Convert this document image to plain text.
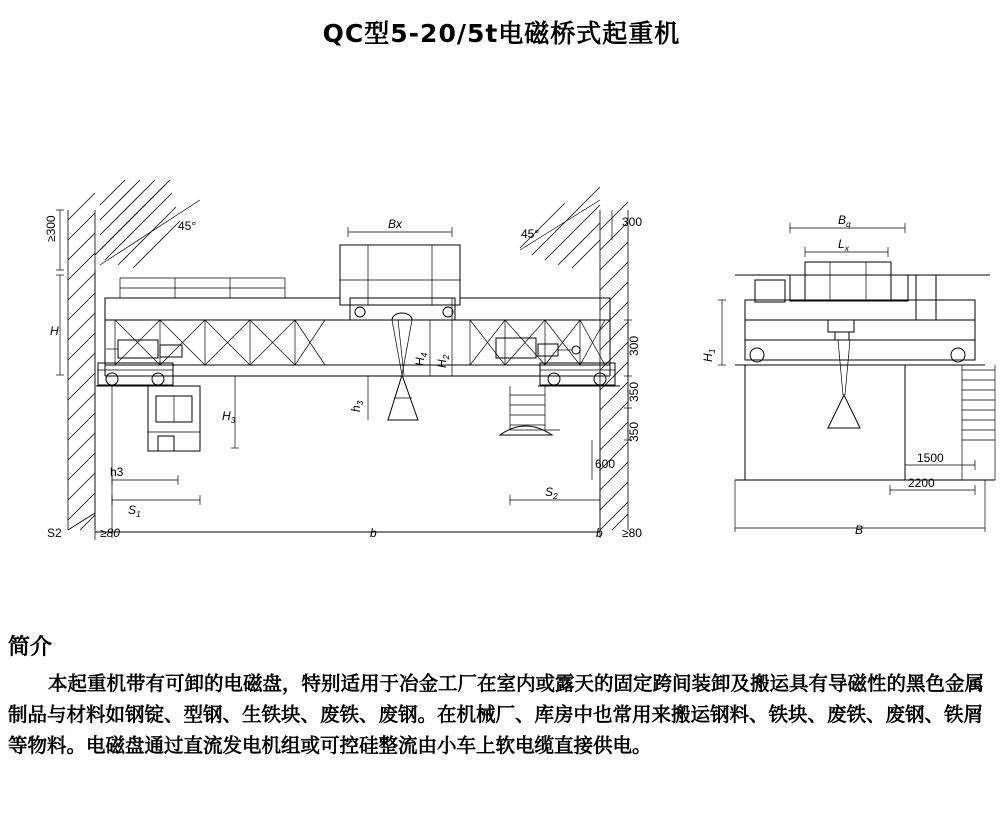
QC型5-20/5t电磁桥式起重机
45°
≥300
H
Bx
$H_3$
45°
300
300
350
350
600
$H_4$
$H_2$
$h_3$
h3
$S_1$
$S_2$
S2	≥80	b ≥80
b
$B_q$
$L_x$
$H_1$
1500
2200
B
简介
本起重机带有可卸的电磁盘，特别适用于冶金工厂在室内或露天的固定跨间装卸及搬运具有导磁性的黑色金属制品与材料如钢锭、型钢、生铁块、废铁、废钢。在机械厂、库房中也常用来搬运钢料、铁块、废铁、废钢、铁屑等物料。电磁盘通过直流发电机组或可控硅整流由小车上软电缆直接供电。
